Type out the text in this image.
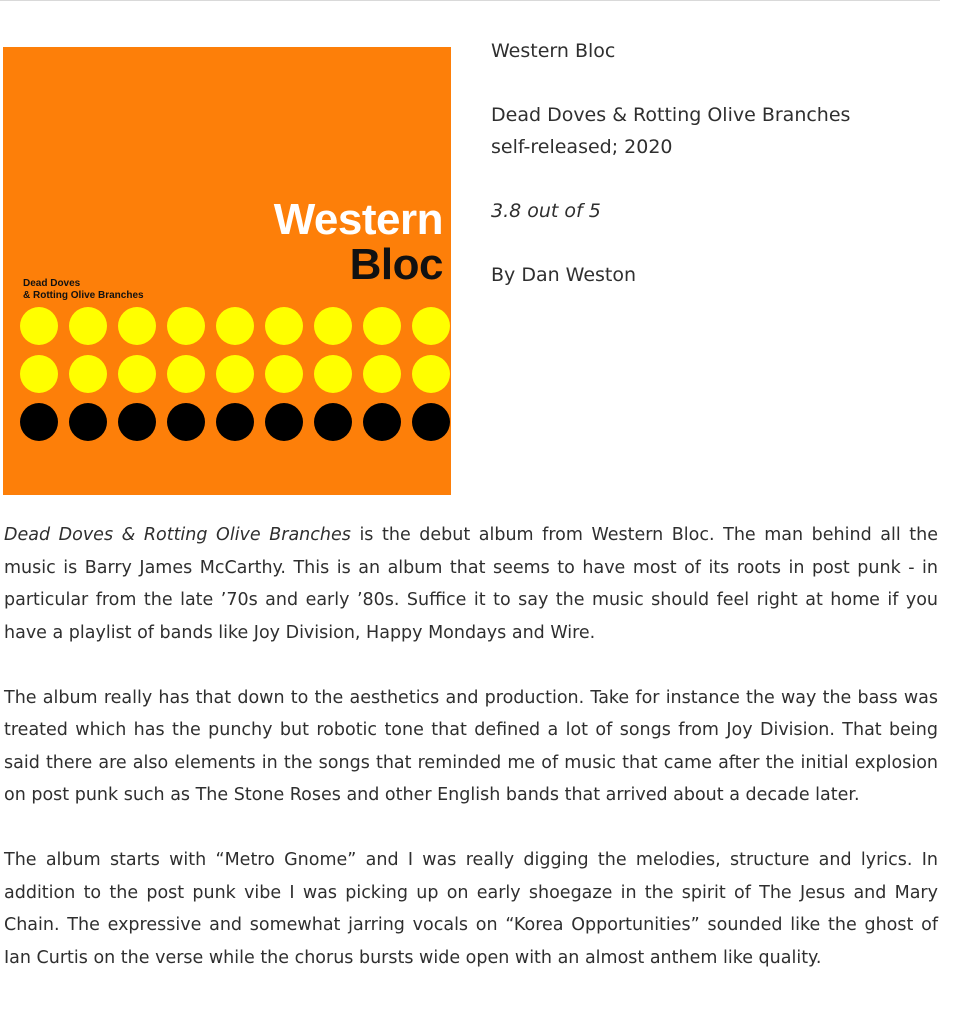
Western
Bloc
Dead Doves
& Rotting Olive Branches

Western Bloc

Dead Doves & Rotting Olive Branches

self-released; 2020

3.8 out of 5

By Dan Weston

Dead Doves & Rotting Olive Branches is the debut album from Western Bloc. The man behind all the music is Barry James McCarthy. This is an album that seems to have most of its roots in post punk - in particular from the late ’70s and early ’80s. Suffice it to say the music should feel right at home if you have a playlist of bands like Joy Division, Happy Mondays and Wire.

The album really has that down to the aesthetics and production. Take for instance the way the bass was treated which has the punchy but robotic tone that defined a lot of songs from Joy Division. That being said there are also elements in the songs that reminded me of music that came after the initial explosion on post punk such as The Stone Roses and other English bands that arrived about a decade later.

The album starts with “Metro Gnome” and I was really digging the melodies, structure and lyrics. In addition to the post punk vibe I was picking up on early shoegaze in the spirit of The Jesus and Mary Chain. The expressive and somewhat jarring vocals on “Korea Opportunities” sounded like the ghost of Ian Curtis on the verse while the chorus bursts wide open with an almost anthem like quality.
